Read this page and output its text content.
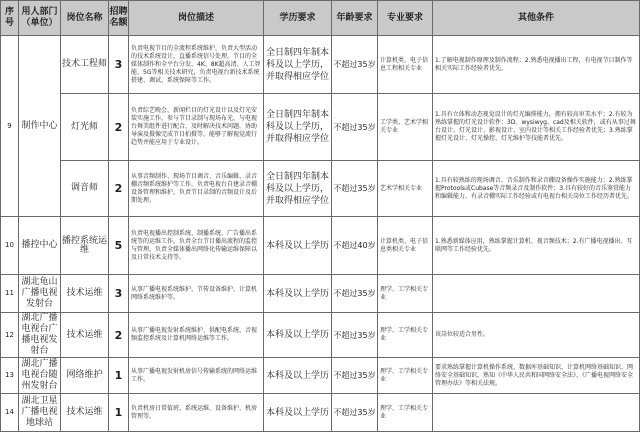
序号	用人部门（单位）	岗位名称	招聘名额	岗位描述	学历要求	年龄要求	专业要求	其他条件
9	制作中心	技术工程师	3	负责电视节目的全流程系统维护，负责大型活动的技术系统设计，直播系统信号处理，节目的全媒体制作和全平台分发、4K、8K超高清、人工智能、5G等相关技术研究，负责电视台新技术系统搭建、调试、系统保障等工作。	全日制四年制本科及以上学历，并取得相应学位	不超过35岁	计算机类、电子信息工程相关专业	1.了解电视制作原理及制作流程；2.熟悉电视播出工程，有电视节目制作等相关实际工作经验者优先。
		灯光师	2	负责综艺晚会、新闻栏目的灯光设计以及灯光安装实施工作，参与节目录制与现场布光，与电视台舞美组件进行配合，及时解决技术问题，协助导演及摄像完成节目拍摄等，能够了解视觉流行趋势并能应用于专业设计。	全日制四年制本科及以上学历，并取得相应学位	不超过35岁	工学类、艺术学相关专业	1.具有立体和动态视觉设计的灯光编排能力，拥有较高审美水平；2.有较为熟练掌握的灯光设计软件：3D、wysiwyg、cad及相关软件，或有从事过舞台设计、灯光设计、影视设计、室内设计等相关工作经验者优先；3.熟练掌握灯光设计、灯光操控、灯光维护等技能者优先。
		调音师	2	从事音频制作、现场节目调音、音乐编辑、录音棚音频系统维护等工作，负责电视台自建录音棚设备管理和维护，负责节目录制的音频设计及后期处理。	全日制四年制本科及以上学历，并取得相应学位	不超过35岁	艺术学相关专业	1.具有较熟练的现场调音、音乐制作和录音棚设备操作实施能力；2.熟练掌握Protools或Cubase等音频录音及制作软件；3.具有较好的音乐鉴赏能力和编辑能力，有录音棚实际工作经验或有电视台相关岗位工作经历者优先。
10	播控中心	播控系统运维	5	负责电视播出控制系统、制播系统、广告播出系统等的运维工作，负责全台节目播出流程的监控与管理，负责全媒体播出网络化传输运维保障以及日常技术支持等。	本科及以上学历	不超过40岁	计算机类、电子信息类相关专业	1.熟悉新媒体应用，熟练掌握计算机、视音频技术；2.有广播电视播出、互联网等工作经验优先。
11	湖北龟山广播电视发射台	技术运维	3	从事广播电视系统维护、节传设备维护、计算机网络系统维护等。	本科及以上学历	不超过35岁	理学、工学相关专业	
12	湖北广播电视台广播电视发射台	技术运维	2	从事广播电视发射系统维护、供配电系统、音视频监控系统及计算机网络运维等工作。	本科及以上学历	不超过35岁	理学、工学相关专业	该岗位较适合男性。
13	湖北广播电视台随州发射台	网络维护	1	从事广播电视发射机房信号传输系统的网络运维工作。	本科及以上学历	不超过35岁	理学、工学相关专业	要求熟练掌握计算机操作系统、数据库基础知识、计算机网络基础知识、网络安全基础知识，熟知《中华人民共和国网络安全法》、《广播电视网络安全管理办法》等相关法规。
14	湖北卫星广播电视地球站	技术运维	1	负责机房日常值班、系统运维、设备维护、机房管理等。	本科及以上学历	不超过35岁	理学、工学相关专业	
